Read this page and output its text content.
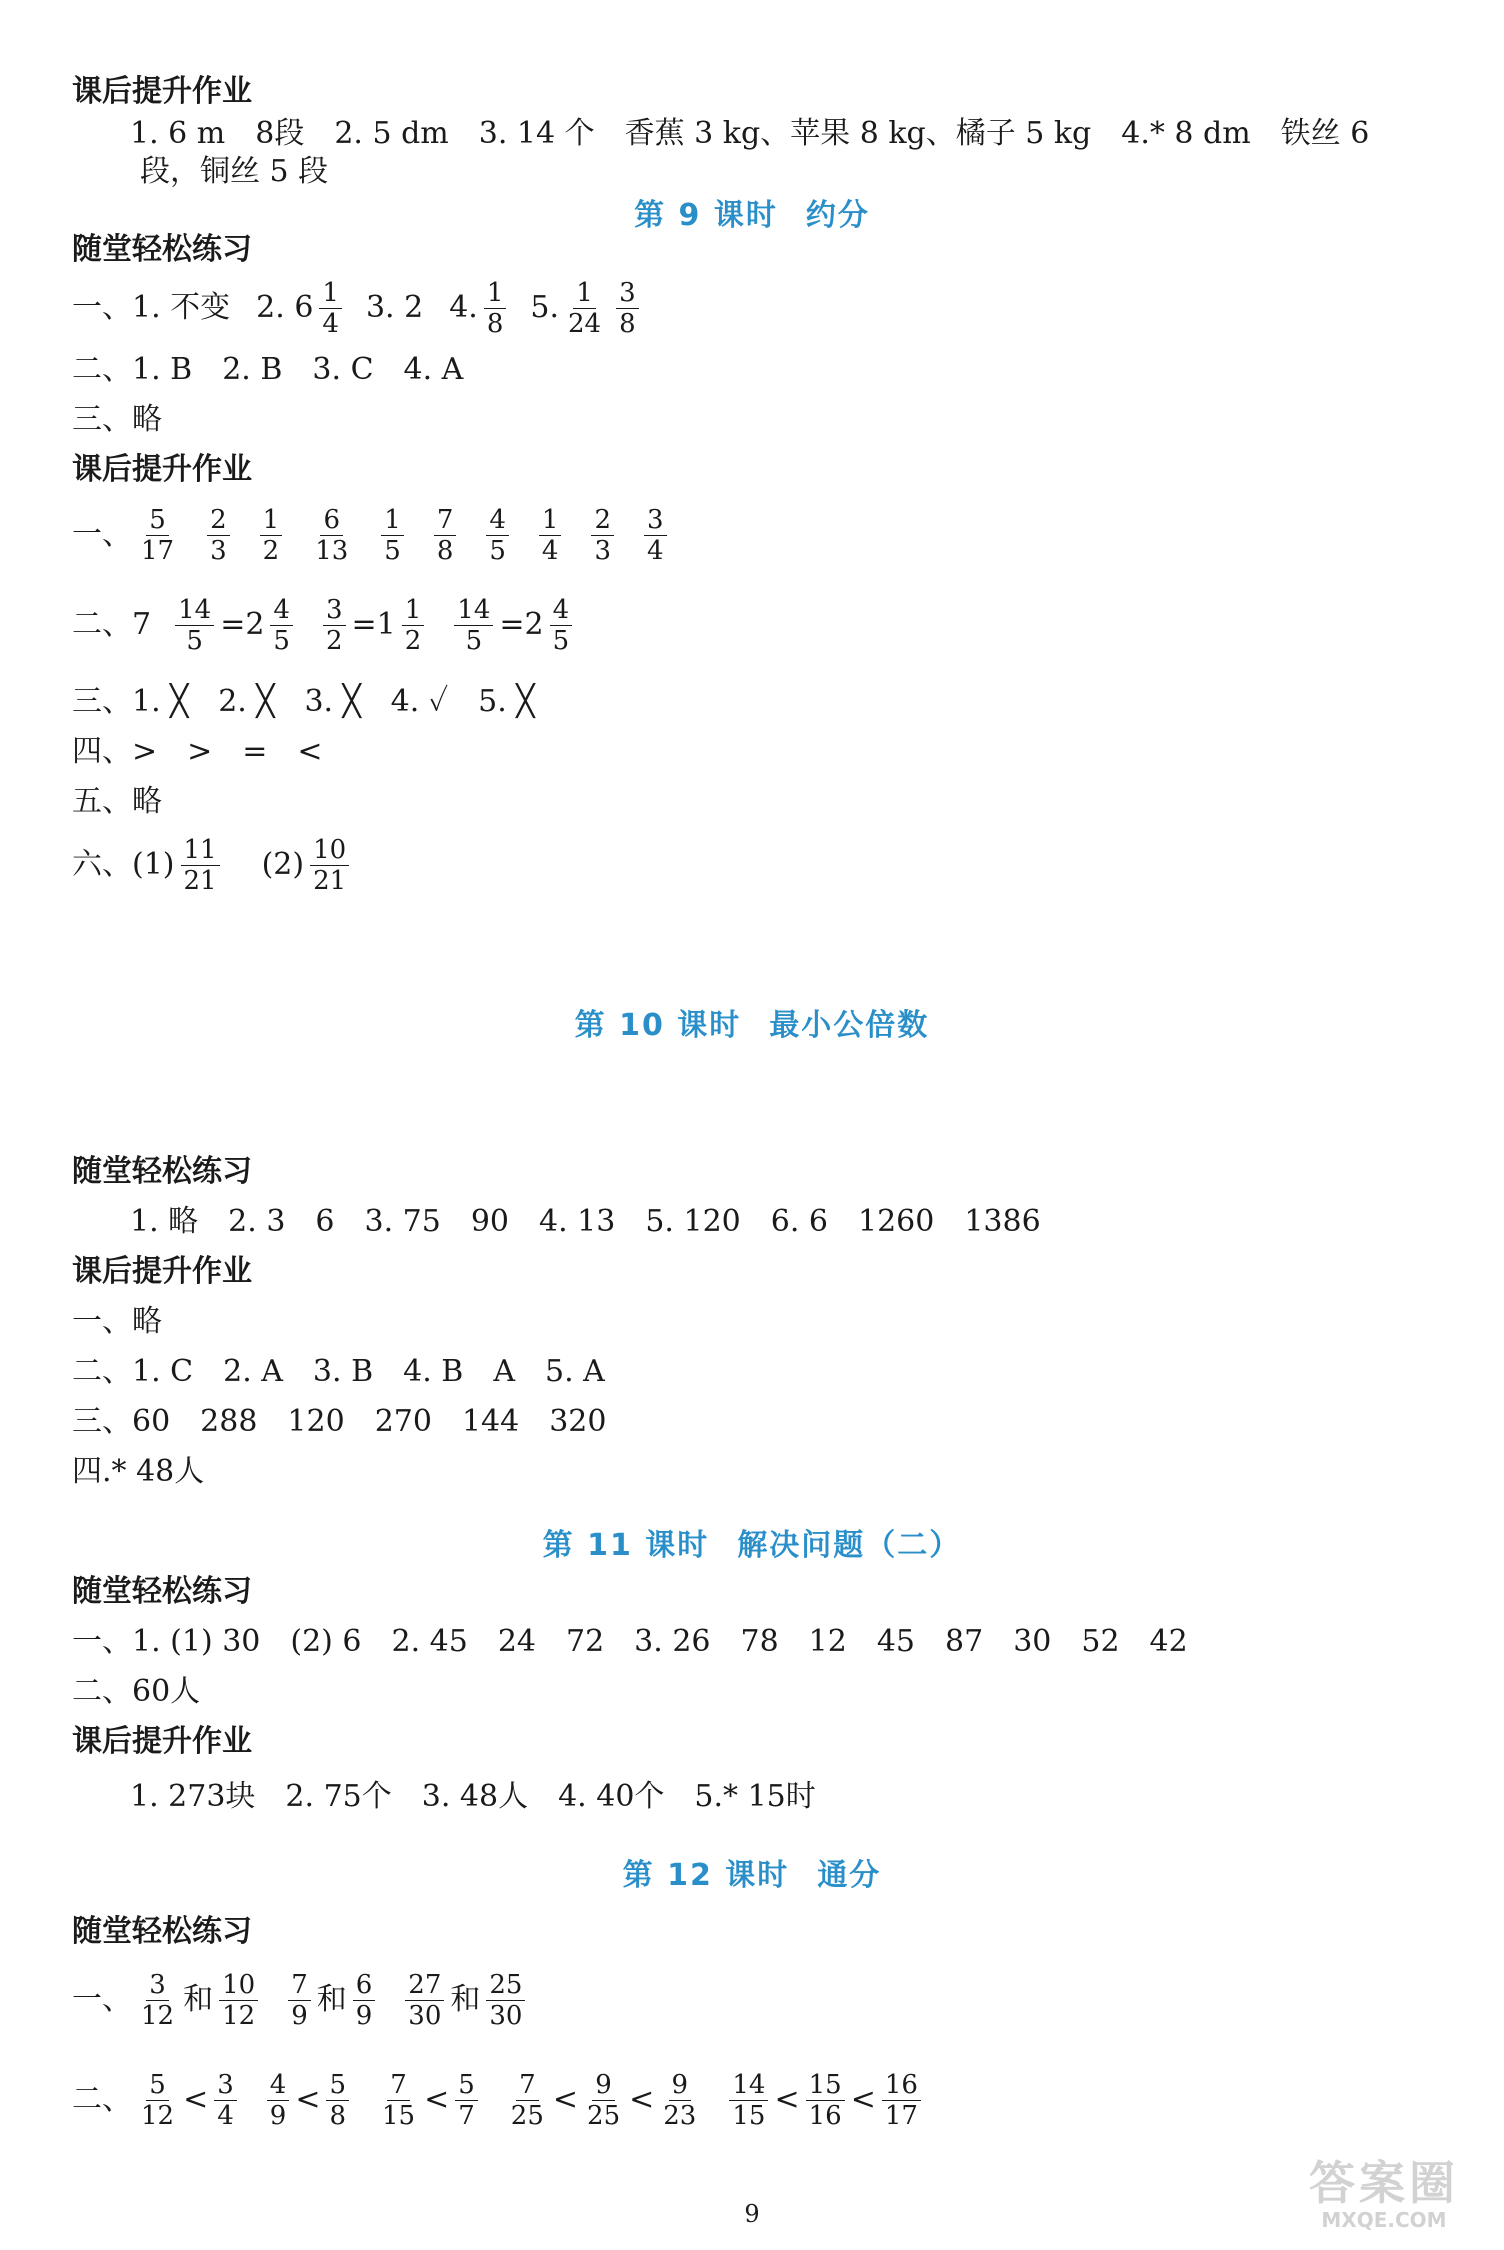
课后提升作业
1. 6 m　8段　2. 5 dm　3. 14 个　香蕉 3 kg、苹果 8 kg、橘子 5 kg　4.* 8 dm　铁丝 6
段，铜丝 5 段
第 9 课时 约分
随堂轻松练习
一、 1. 不变 2. $6 \frac{1}{4} 3$. 2 4. $\frac{1}{8} 5$. $\frac{1}{24} \frac{3}{8}$
二、1. B　2. B　3. C　4. A
三、略
课后提升作业
一、 $\frac{5}{17} \frac{2}{3} \frac{1}{2} \frac{6}{13} \frac{1}{5} \frac{7}{8} \frac{4}{5} \frac{1}{4} \frac{2}{3} \frac{3}{4}$
二、$7 \frac{14}{5} =2 \frac{4}{5} \frac{3}{2} =1 \frac{1}{2} \frac{14}{5} =2 \frac{4}{5}$
三、1. ╳　2. ╳　3. ╳　4. ✓　5. ╳
四、>　>　=　<
五、略
六、$(1) \frac{11}{21} (2) \frac{10}{21}$
第 10 课时 最小公倍数
随堂轻松练习
1. 略　2. 3　6　3. 75　90　4. 13　5. 120　6. 6　1260　1386
课后提升作业
一、略
二、1. C　2. A　3. B　4. B　A　5. A
三、60　288　120　270　144　320
四.* 48人
第 11 课时 解决问题（二）
随堂轻松练习
一、1. (1) 30　(2) 6　2. 45　24　72　3. 26　78　12　45　87　30　52　42
二、60人
课后提升作业
1. 273块　2. 75个　3. 48人　4. 40个　5.* 15时
第 12 课时 通分
随堂轻松练习
一、 $\frac{3}{12}$ 和 $\frac{10}{12} \frac{7}{9}$ 和 $\frac{6}{9} \frac{27}{30}$ 和 $\frac{25}{30}$
二、 $\frac{5}{12} < \frac{3}{4} \frac{4}{9} < \frac{5}{8} \frac{7}{15} < \frac{5}{7} \frac{7}{25} < \frac{9}{25} < \frac{9}{23} \frac{14}{15} < \frac{15}{16} < \frac{16}{17}$
9
答案圈
MXQE.COM
